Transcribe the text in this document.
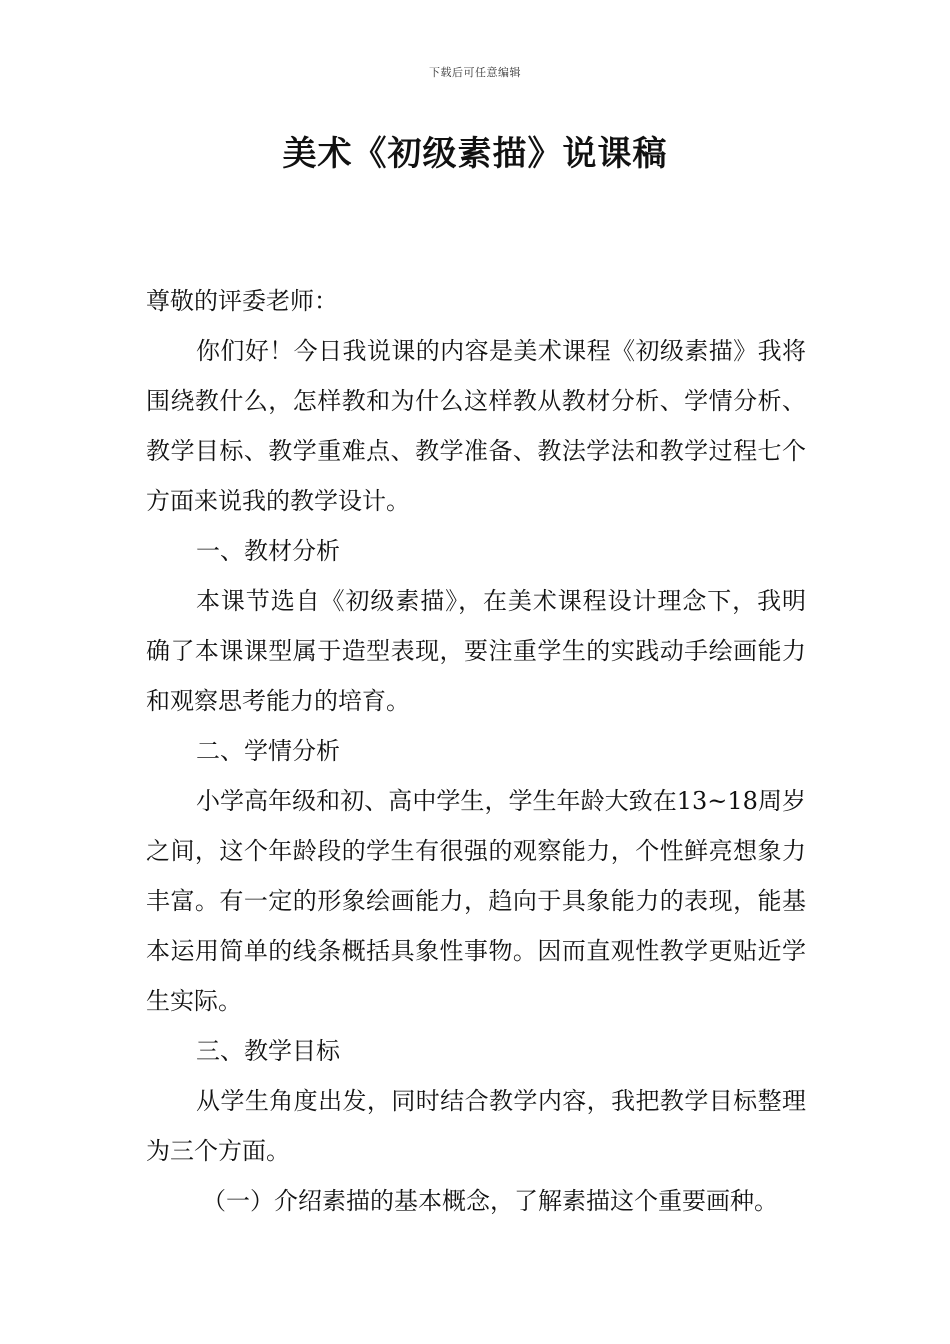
下载后可任意编辑
美术《初级素描》说课稿

尊敬的评委老师：

你们好！今日我说课的内容是美术课程《初级素描》我将围绕教什么，怎样教和为什么这样教从教材分析、学情分析、教学目标、教学重难点、教学准备、教法学法和教学过程七个方面来说我的教学设计。

一、教材分析

本课节选自《初级素描》，在美术课程设计理念下，我明确了本课课型属于造型表现，要注重学生的实践动手绘画能力和观察思考能力的培育。

二、学情分析

小学高年级和初、高中学生，学生年龄大致在13~18周岁之间，这个年龄段的学生有很强的观察能力，个性鲜亮想象力丰富。有一定的形象绘画能力，趋向于具象能力的表现，能基本运用简单的线条概括具象性事物。因而直观性教学更贴近学生实际。

三、教学目标

从学生角度出发，同时结合教学内容，我把教学目标整理为三个方面。

（一）介绍素描的基本概念，了解素描这个重要画种。
